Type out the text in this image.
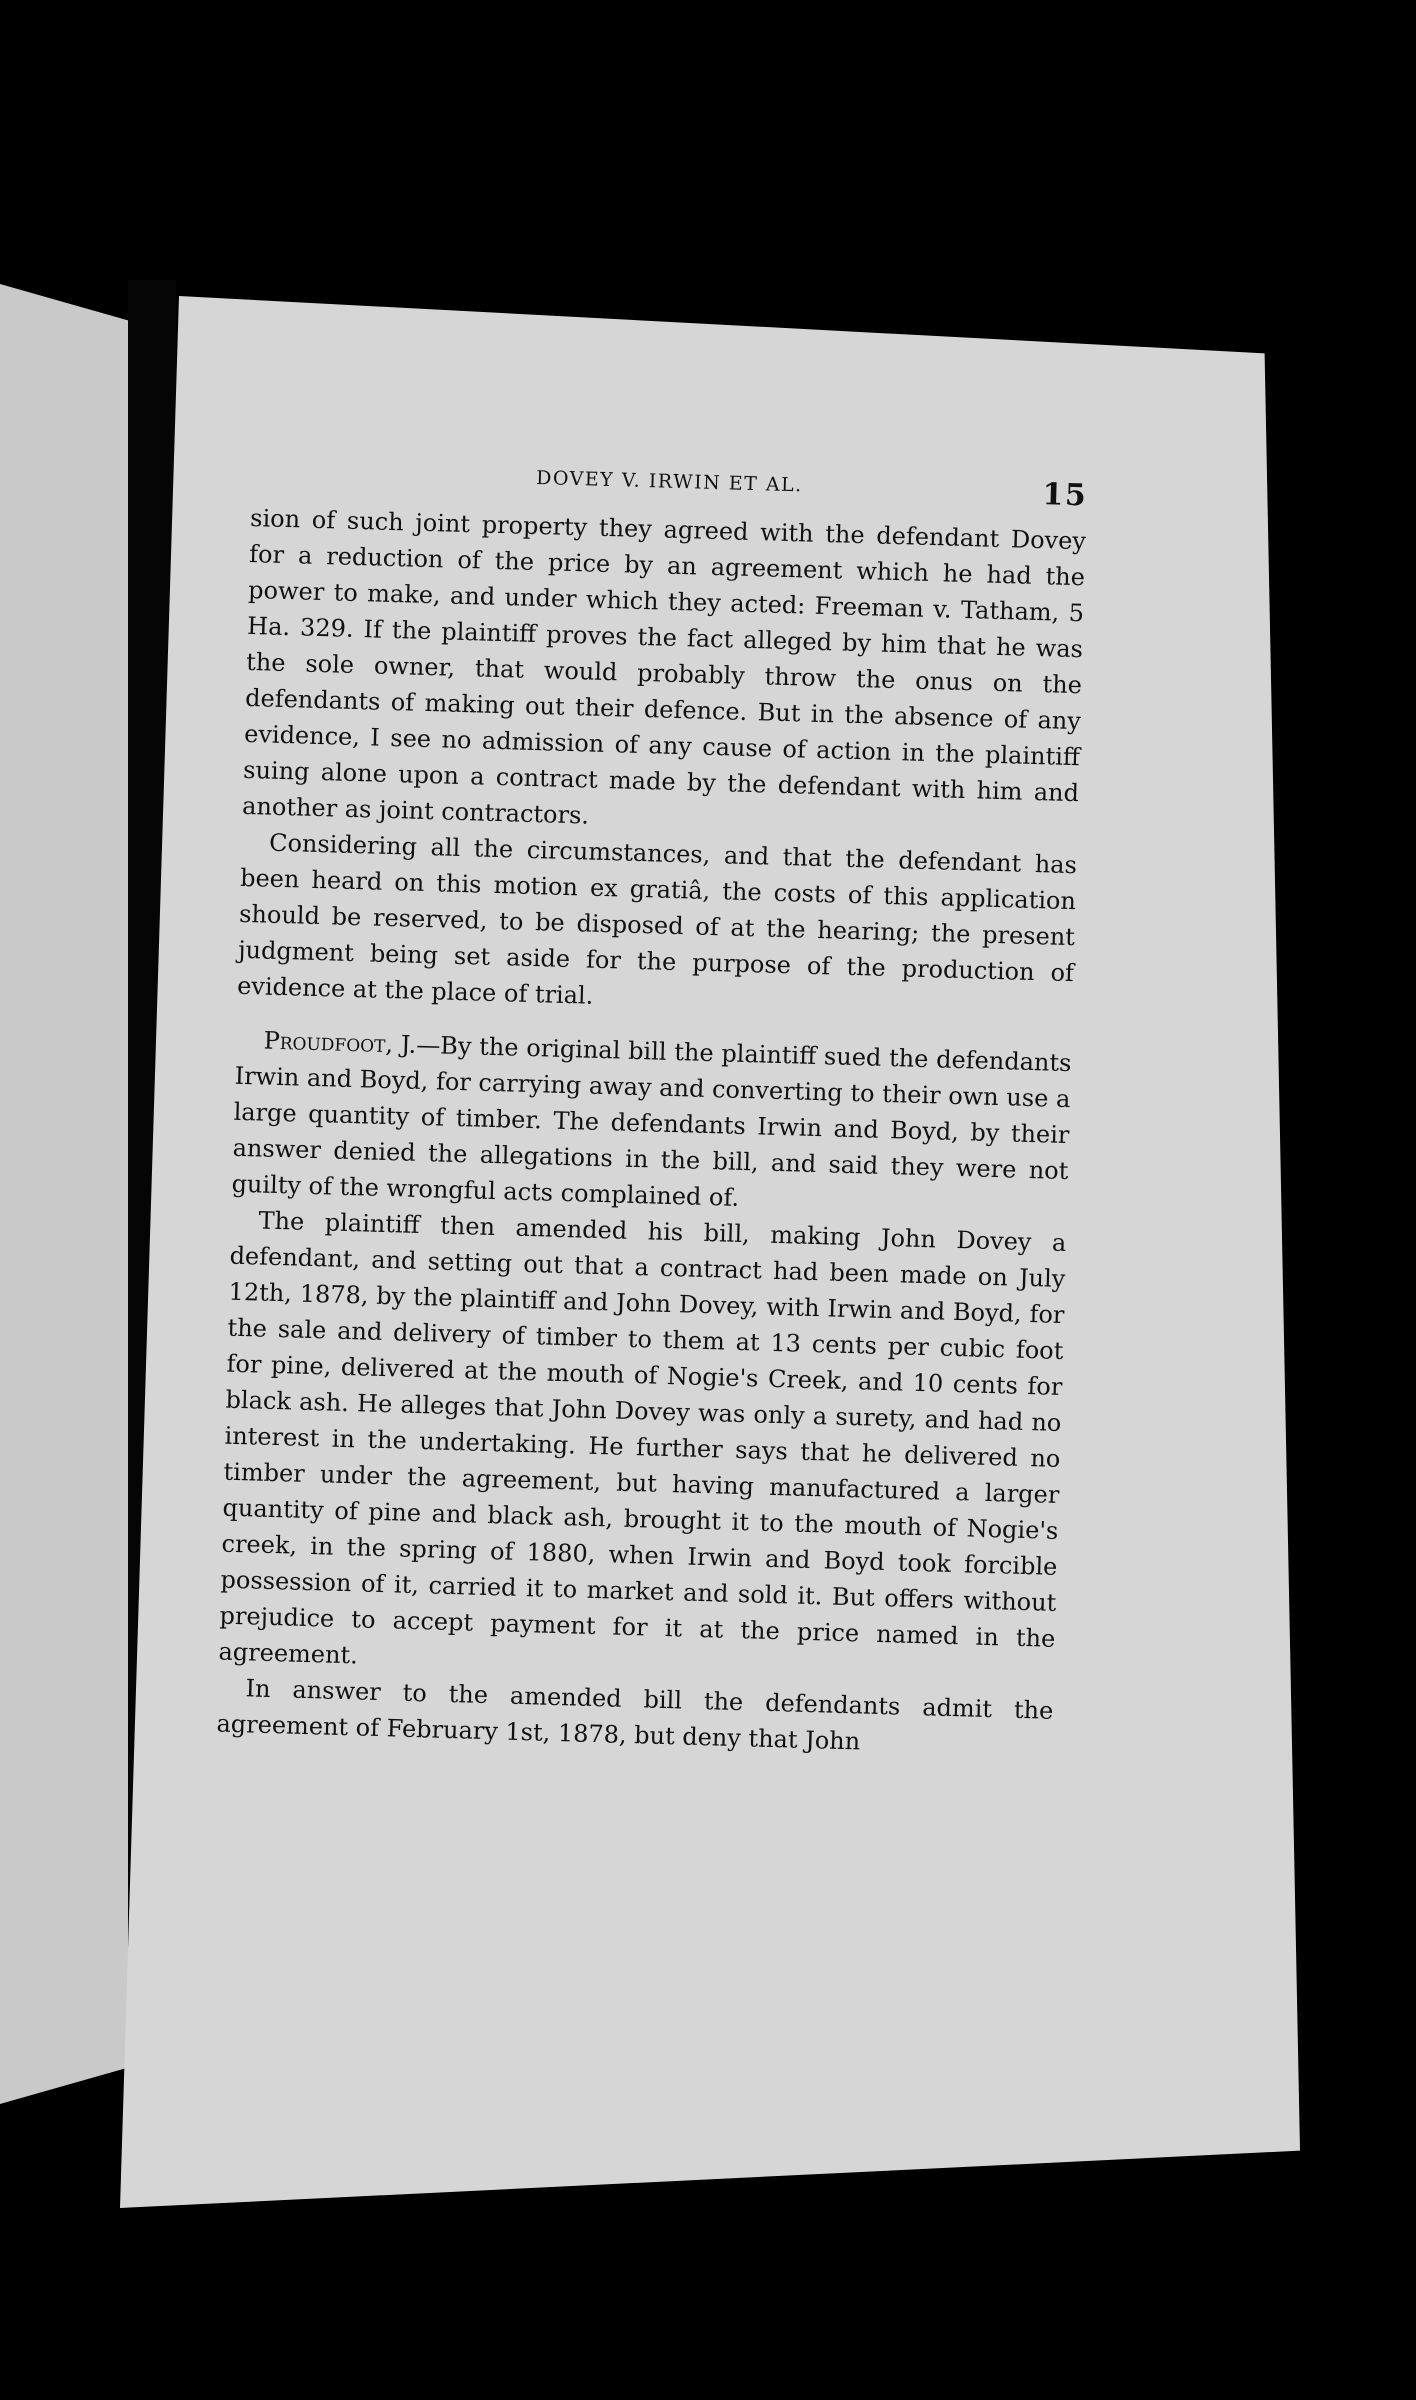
DOVEY V. IRWIN ET AL.	15

sion of such joint property they agreed with the defendant Dovey for a reduction of the price by an agreement which he had the power to make, and under which they acted: Freeman v. Tatham, 5 Ha. 329. If the plaintiff proves the fact alleged by him that he was the sole owner, that would probably throw the onus on the defendants of making out their defence. But in the absence of any evidence, I see no admission of any cause of action in the plaintiff suing alone upon a contract made by the defendant with him and another as joint contractors.

Considering all the circumstances, and that the defendant has been heard on this motion ex gratiâ, the costs of this application should be reserved, to be disposed of at the hearing; the present judgment being set aside for the purpose of the production of evidence at the place of trial.

Proudfoot, J.—By the original bill the plaintiff sued the defendants Irwin and Boyd, for carrying away and converting to their own use a large quantity of timber. The defendants Irwin and Boyd, by their answer denied the allegations in the bill, and said they were not guilty of the wrongful acts complained of.

The plaintiff then amended his bill, making John Dovey a defendant, and setting out that a contract had been made on July 12th, 1878, by the plaintiff and John Dovey, with Irwin and Boyd, for the sale and delivery of timber to them at 13 cents per cubic foot for pine, delivered at the mouth of Nogie's Creek, and 10 cents for black ash. He alleges that John Dovey was only a surety, and had no interest in the undertaking. He further says that he delivered no timber under the agreement, but having manufactured a larger quantity of pine and black ash, brought it to the mouth of Nogie's creek, in the spring of 1880, when Irwin and Boyd took forcible possession of it, carried it to market and sold it. But offers without prejudice to accept payment for it at the price named in the agreement.

In answer to the amended bill the defendants admit the agreement of February 1st, 1878, but deny that John
